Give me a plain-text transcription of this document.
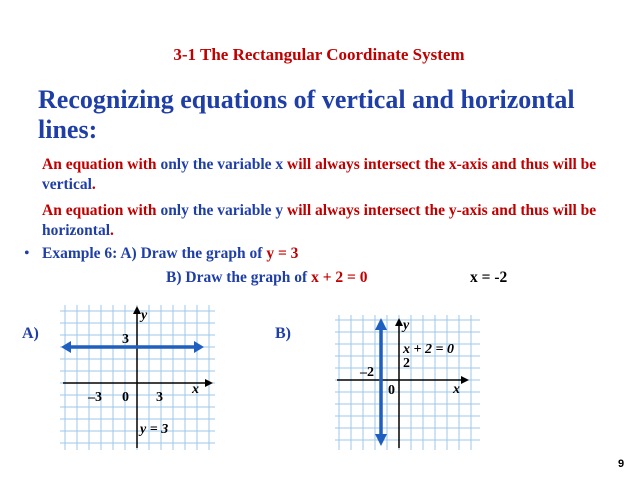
3-1 The Rectangular Coordinate System
Recognizing equations of vertical and horizontal lines:
An equation with only the variable x will always intersect the x-axis and thus will be vertical.
An equation with only the variable y will always intersect the y-axis and thus will be horizontal.
• Example 6: A) Draw the graph of y = 3
B) Draw the graph of x + 2 = 0	x = -2
A)	B)
y
x
3
–3 0 3
y = 3
y
x
x + 2 = 0
2
–2
0
9
